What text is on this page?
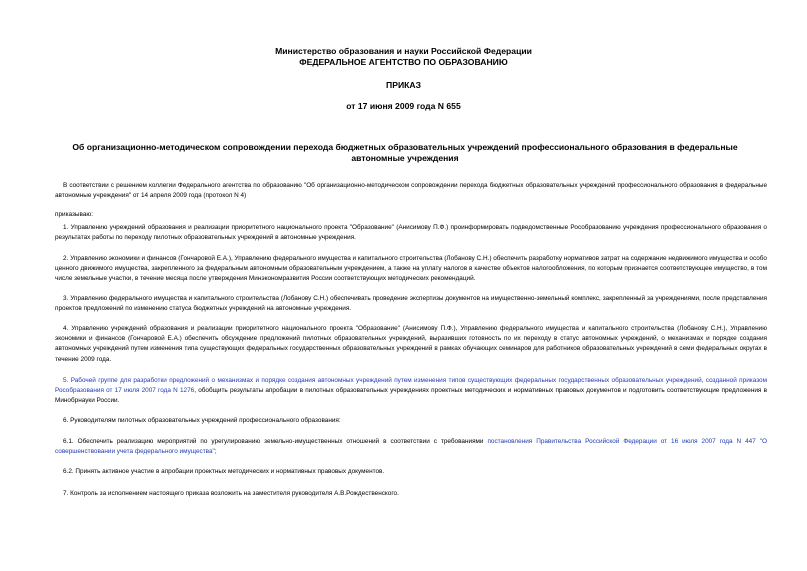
Министерство образования и науки Российской Федерации
ФЕДЕРАЛЬНОЕ АГЕНТСТВО ПО ОБРАЗОВАНИЮ
ПРИКАЗ
от 17 июня 2009 года N 655
Об организационно-методическом сопровождении перехода бюджетных образовательных учреждений профессионального образования в федеральные автономные учреждения
В соответствии с решением коллегии Федерального агентства по образованию "Об организационно-методическом сопровождении перехода бюджетных образовательных учреждений профессионального образования в федеральные автономные учреждения" от 14 апреля 2009 года (протокол N 4)
приказываю:
1. Управлению учреждений образования и реализации приоритетного национального проекта "Образование" (Анисимову П.Ф.) проинформировать подведомственные Рособразованию учреждения профессионального образования о результатах работы по переходу пилотных образовательных учреждений в автономные учреждения.
2. Управлению экономики и финансов (Гончаровой Е.А.), Управлению федерального имущества и капитального строительства (Лобанову С.Н.) обеспечить разработку нормативов затрат на содержание недвижимого имущества и особо ценного движимого имущества, закрепленного за федеральным автономным образовательным учреждением, а также на уплату налогов в качестве объектов налогообложения, по которым признается соответствующее имущество, в том числе земельные участки, в течение месяца после утверждения Минэкономразвития России соответствующих методических рекомендаций.
3. Управлению федерального имущества и капитального строительства (Лобанову С.Н.) обеспечивать проведение экспертизы документов на имущественно-земельный комплекс, закрепленный за учреждениями, после представления проектов предложений по изменению статуса бюджетных учреждений на автономные учреждения.
4. Управлению учреждений образования и реализации приоритетного национального проекта "Образование" (Анисимову П.Ф.), Управлению федерального имущества и капитального строительства (Лобанову С.Н.), Управлению экономики и финансов (Гончаровой Е.А.) обеспечить обсуждение предложений пилотных образовательных учреждений, выразивших готовность по их переходу в статус автономных учреждений, о механизмах и порядке создания автономных учреждений путем изменения типа существующих федеральных государственных образовательных учреждений в рамках обучающих семинаров для работников образовательных учреждений в семи федеральных округах в течение 2009 года.
5. Рабочей группе для разработки предложений о механизмах и порядке создания автономных учреждений путем изменения типов существующих федеральных государственных образовательных учреждений, созданной приказом Рособразования от 17 июля 2007 года N 1276, обобщить результаты апробации в пилотных образовательных учреждениях проектных методических и нормативных правовых документов и подготовить соответствующие предложения в Минобрнауки России.
6. Руководителям пилотных образовательных учреждений профессионального образования:
6.1. Обеспечить реализацию мероприятий по урегулированию земельно-имущественных отношений в соответствии с требованиями постановления Правительства Российской Федерации от 16 июля 2007 года N 447 "О совершенствовании учета федерального имущества";
6.2. Принять активное участие в апробации проектных методических и нормативных правовых документов.
7. Контроль за исполнением настоящего приказа возложить на заместителя руководителя А.В.Рождественского.
